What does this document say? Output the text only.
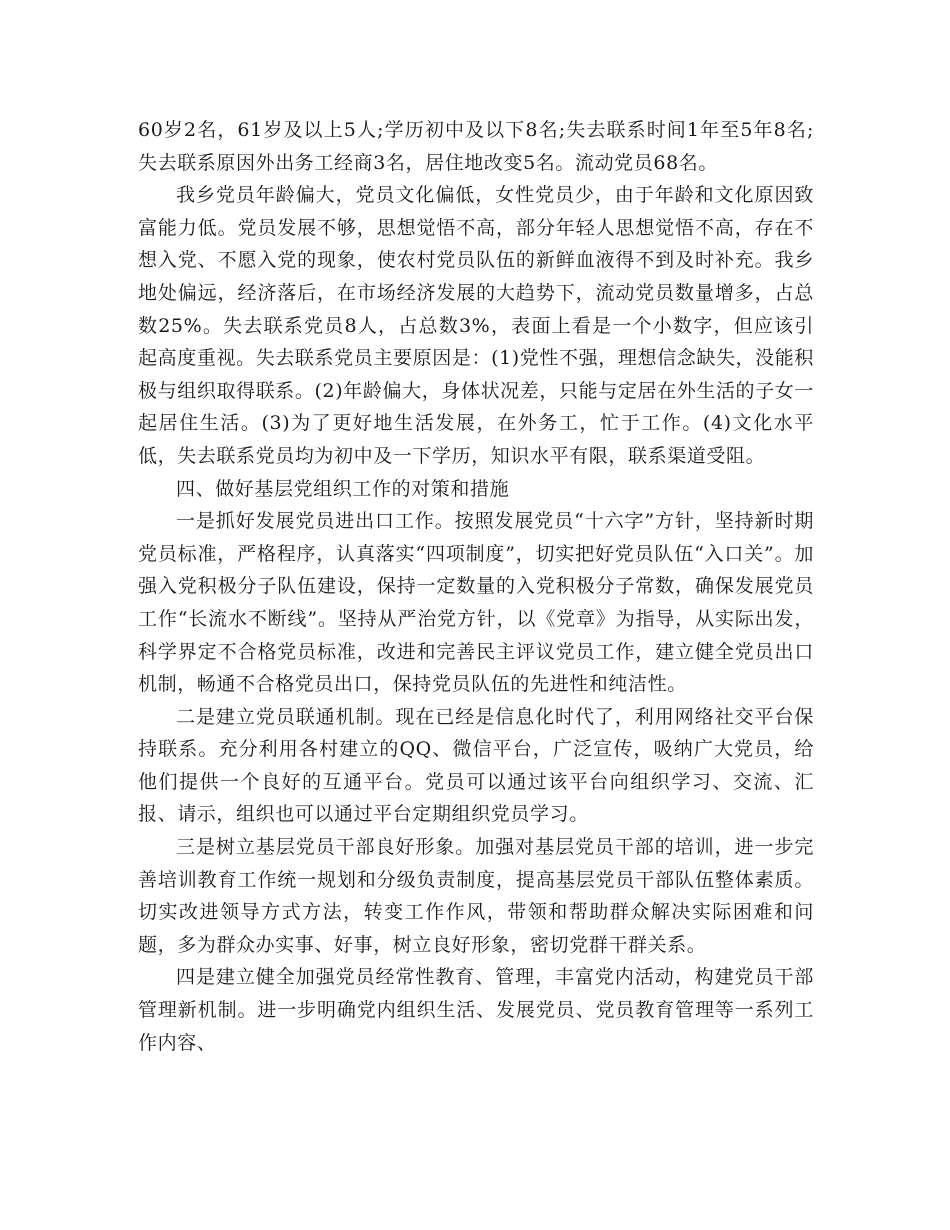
60岁2名，61岁及以上5人;学历初中及以下8名;失去联系时间1年至5年8名;失去联系原因外出务工经商3名，居住地改变5名。流动党员68名。

我乡党员年龄偏大，党员文化偏低，女性党员少，由于年龄和文化原因致富能力低。党员发展不够，思想觉悟不高，部分年轻人思想觉悟不高，存在不想入党、不愿入党的现象，使农村党员队伍的新鲜血液得不到及时补充。我乡地处偏远，经济落后，在市场经济发展的大趋势下，流动党员数量增多，占总数25%。失去联系党员8人，占总数3%，表面上看是一个小数字，但应该引起高度重视。失去联系党员主要原因是：(1)党性不强，理想信念缺失，没能积极与组织取得联系。(2)年龄偏大，身体状况差，只能与定居在外生活的子女一起居住生活。(3)为了更好地生活发展，在外务工，忙于工作。(4)文化水平低，失去联系党员均为初中及一下学历，知识水平有限，联系渠道受阻。

四、做好基层党组织工作的对策和措施

一是抓好发展党员进出口工作。按照发展党员“十六字”方针，坚持新时期党员标准，严格程序，认真落实“四项制度”，切实把好党员队伍“入口关”。加强入党积极分子队伍建设，保持一定数量的入党积极分子常数，确保发展党员工作“长流水不断线”。坚持从严治党方针，以《党章》为指导，从实际出发，科学界定不合格党员标准，改进和完善民主评议党员工作，建立健全党员出口机制，畅通不合格党员出口，保持党员队伍的先进性和纯洁性。

二是建立党员联通机制。现在已经是信息化时代了，利用网络社交平台保持联系。充分利用各村建立的QQ、微信平台，广泛宣传，吸纳广大党员，给他们提供一个良好的互通平台。党员可以通过该平台向组织学习、交流、汇报、请示，组织也可以通过平台定期组织党员学习。

三是树立基层党员干部良好形象。加强对基层党员干部的培训，进一步完善培训教育工作统一规划和分级负责制度，提高基层党员干部队伍整体素质。切实改进领导方式方法，转变工作作风，带领和帮助群众解决实际困难和问题，多为群众办实事、好事，树立良好形象，密切党群干群关系。

四是建立健全加强党员经常性教育、管理，丰富党内活动，构建党员干部管理新机制。进一步明确党内组织生活、发展党员、党员教育管理等一系列工作内容、
